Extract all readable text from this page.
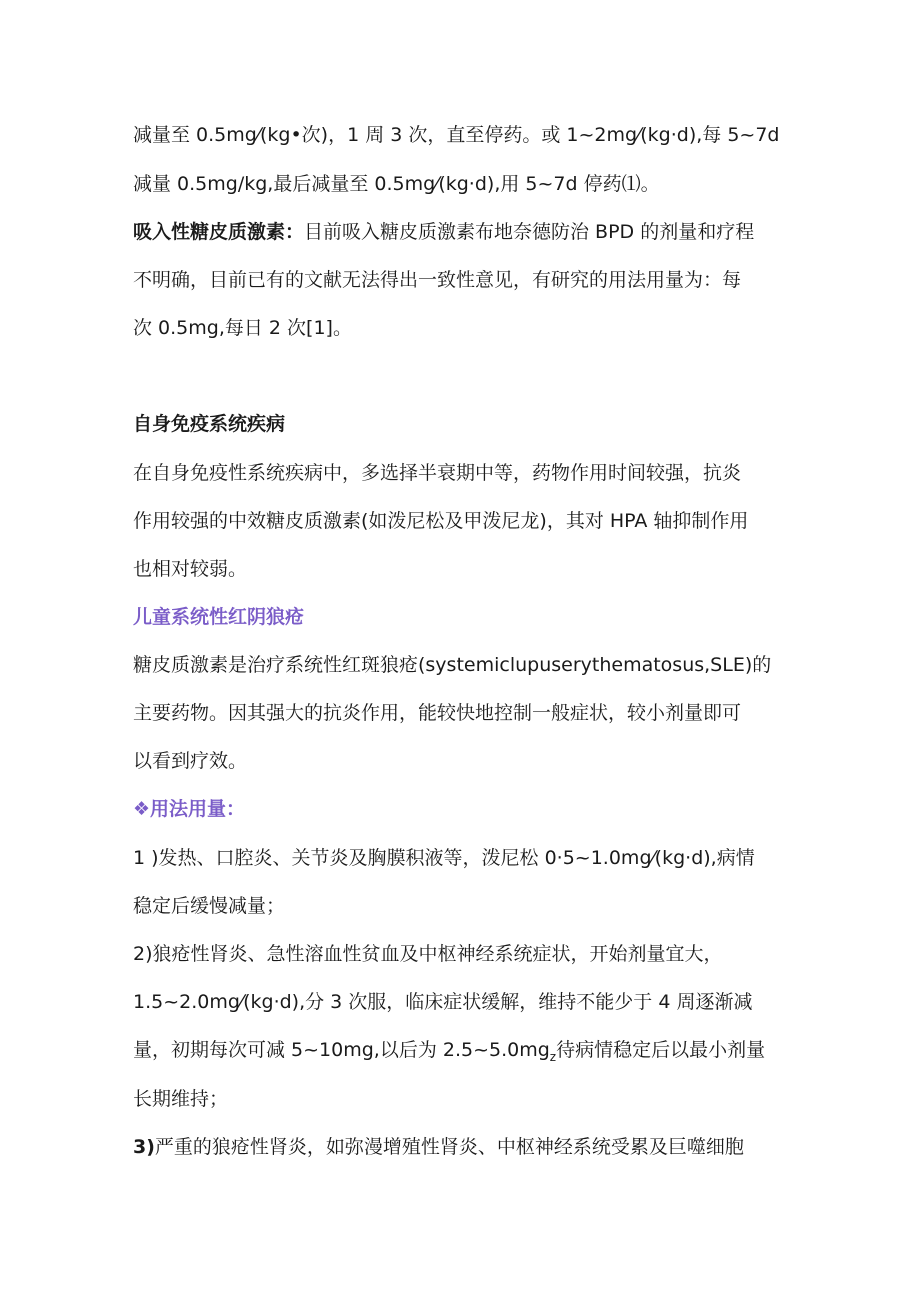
减量至 0.5mg⁄(kg•次)，1 周 3 次，直至停药。或 1~2mg⁄(kg·d),每 5~7d
减量 0.5mg/kg,最后减量至 0.5mg⁄(kg·d),用 5~7d 停药⑴。
吸入性糖皮质激素：目前吸入糖皮质激素布地奈德防治 BPD 的剂量和疗程
不明确，目前已有的文献无法得出一致性意见，有研究的用法用量为：每
次 0.5mg,每日 2 次[1]。
自身免疫系统疾病
在自身免疫性系统疾病中，多选择半衰期中等，药物作用时间较强，抗炎
作用较强的中效糖皮质激素(如泼尼松及甲泼尼龙)，其对 HPA 轴抑制作用
也相对较弱。
儿童系统性红阴狼疮
糖皮质激素是治疗系统性红斑狼疮(systemiclupuserythematosus,SLE)的
主要药物。因其强大的抗炎作用，能较快地控制一般症状，较小剂量即可
以看到疗效。
❖用法用量：
1 )发热、口腔炎、关节炎及胸膜积液等，泼尼松 0·5~1.0mg⁄(kg·d),病情
稳定后缓慢减量；
2)狼疮性肾炎、急性溶血性贫血及中枢神经系统症状，开始剂量宜大，
1.5~2.0mg⁄(kg·d),分 3 次服，临床症状缓解，维持不能少于 4 周逐渐减
量，初期每次可减 5~10mg,以后为 $2.5\sim 5.0mg_z$待病情稳定后以最小剂量
长期维持；
3)严重的狼疮性肾炎，如弥漫增殖性肾炎、中枢神经系统受累及巨噬细胞
